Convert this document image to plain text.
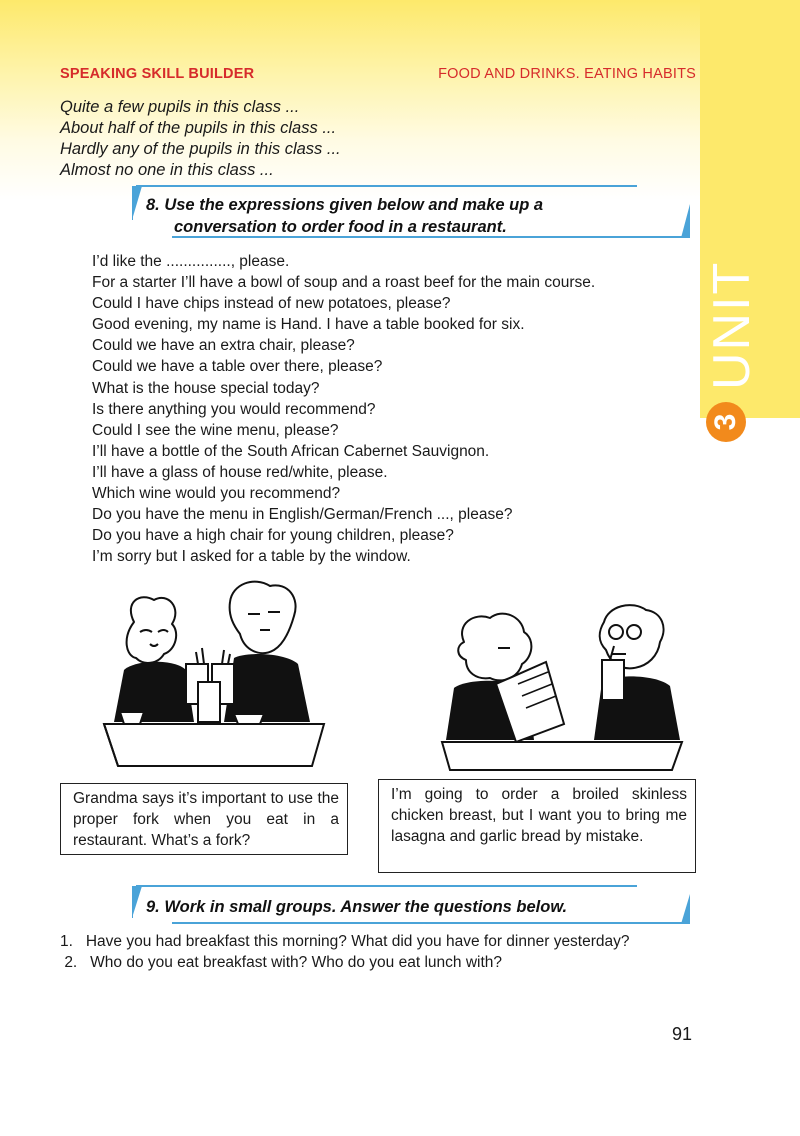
UNIT
3
SPEAKING SKILL BUILDER	FOOD AND DRINKS. EATING HABITS
Quite a few pupils in this class ...
About half of the pupils in this class ...
Hardly any of the pupils in this class ...
Almost no one in this class ...
8. Use the expressions given below and make up a
conversation to order food in a restaurant.
I’d like the ..............., please.
For a starter I’ll have a bowl of soup and a roast beef for the main course.
Could I have chips instead of new potatoes, please?
Good evening, my name is Hand. I have a table booked for six.
Could we have an extra chair, please?
Could we have a table over there, please?
What is the house special today?
Is there anything you would recommend?
Could I see the wine menu, please?
I’ll have a bottle of the South African Cabernet Sauvignon.
I’ll have a glass of house red/white, please.
Which wine would you recommend?
Do you have the menu in English/German/French ..., please?
Do you have a high chair for young children, please?
I’m sorry but I asked for a table by the window.
Grandma says it’s important to use the proper fork when you eat in a restaurant. What’s a fork?
I’m going to order a broiled skinless chicken breast, but I want you to bring me lasagna and garlic bread by mistake.
9. Work in small groups. Answer the questions below.
1.   Have you had breakfast this morning? What did you have for dinner yesterday?
2.   Who do you eat breakfast with? Who do you eat lunch with?
91
